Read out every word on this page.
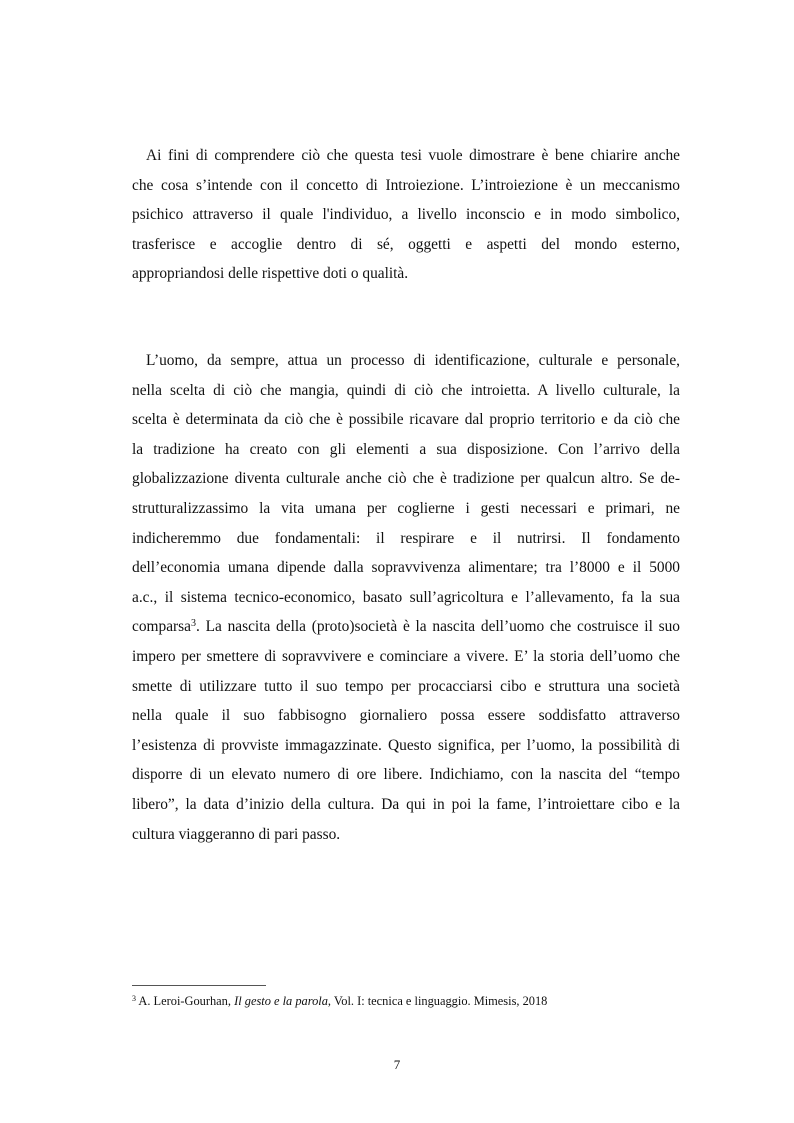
Ai fini di comprendere ciò che questa tesi vuole dimostrare è bene chiarire anche
che cosa s’intende con il concetto di Introiezione. L’introiezione è un meccanismo
psichico attraverso il quale l'individuo, a livello inconscio e in modo simbolico,
trasferisce e accoglie dentro di sé, oggetti e aspetti del mondo esterno,
appropriandosi delle rispettive doti o qualità.
L’uomo, da sempre, attua un processo di identificazione, culturale e personale,
nella scelta di ciò che mangia, quindi di ciò che introietta. A livello culturale, la
scelta è determinata da ciò che è possibile ricavare dal proprio territorio e da ciò che
la tradizione ha creato con gli elementi a sua disposizione. Con l’arrivo della
globalizzazione diventa culturale anche ciò che è tradizione per qualcun altro. Se de-
strutturalizzassimo la vita umana per coglierne i gesti necessari e primari, ne
indicheremmo due fondamentali: il respirare e il nutrirsi. Il fondamento
dell’economia umana dipende dalla sopravvivenza alimentare; tra l’8000 e il 5000
a.c., il sistema tecnico-economico, basato sull’agricoltura e l’allevamento, fa la sua
comparsa$^3$. La nascita della (proto)società è la nascita dell’uomo che costruisce il suo
impero per smettere di sopravvivere e cominciare a vivere. E’ la storia dell’uomo che
smette di utilizzare tutto il suo tempo per procacciarsi cibo e struttura una società
nella quale il suo fabbisogno giornaliero possa essere soddisfatto attraverso
l’esistenza di provviste immagazzinate. Questo significa, per l’uomo, la possibilità di
disporre di un elevato numero di ore libere. Indichiamo, con la nascita del “tempo
libero”, la data d’inizio della cultura. Da qui in poi la fame, l’introiettare cibo e la
cultura viaggeranno di pari passo.
$^3$ A. Leroi-Gourhan, Il gesto e la parola, Vol. I: tecnica e linguaggio. Mimesis, 2018
7
